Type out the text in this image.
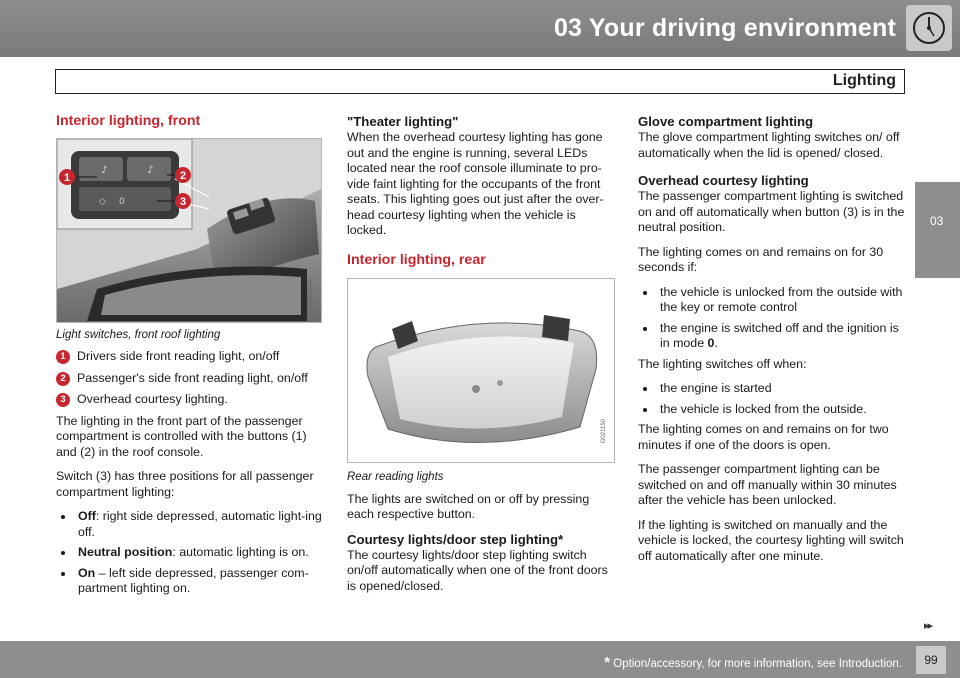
03 Your driving environment
Lighting
03
Interior lighting, front
♪	♪
◇ 0
1	2
3
G021149
Light switches, front roof lighting
1 Drivers side front reading light, on/off
2 Passenger's side front reading light, on/off
3 Overhead courtesy lighting.

The lighting in the front part of the passenger compartment is controlled with the buttons (1) and (2) in the roof console.

Switch (3) has three positions for all passenger compartment lighting:

Off: right side depressed, automatic light-ing off.
Neutral position: automatic lighting is on.
On – left side depressed, passenger com-partment lighting on.
"Theater lighting"

When the overhead courtesy lighting has gone out and the engine is running, several LEDs located near the roof console illuminate to pro-vide faint lighting for the occupants of the front seats. This lighting goes out just after the over-head courtesy lighting when the vehicle is locked.

Interior lighting, rear
G021150
Rear reading lights

The lights are switched on or off by pressing each respective button.

Courtesy lights/door step lighting*

The courtesy lights/door step lighting switch on/off automatically when one of the front doors is opened/closed.

Glove compartment lighting

The glove compartment lighting switches on/ off automatically when the lid is opened/ closed.

Overhead courtesy lighting

The passenger compartment lighting is switched on and off automatically when button (3) is in the neutral position.

The lighting comes on and remains on for 30 seconds if:

the vehicle is unlocked from the outside with the key or remote control
the engine is switched off and the ignition is in mode 0.

The lighting switches off when:

the engine is started
the vehicle is locked from the outside.

The lighting comes on and remains on for two minutes if one of the doors is open.

The passenger compartment lighting can be switched on and off manually within 30 minutes after the vehicle has been unlocked.

If the lighting is switched on manually and the vehicle is locked, the courtesy lighting will switch off automatically after one minute.

▸▸
* Option/accessory, for more information, see Introduction.	99
